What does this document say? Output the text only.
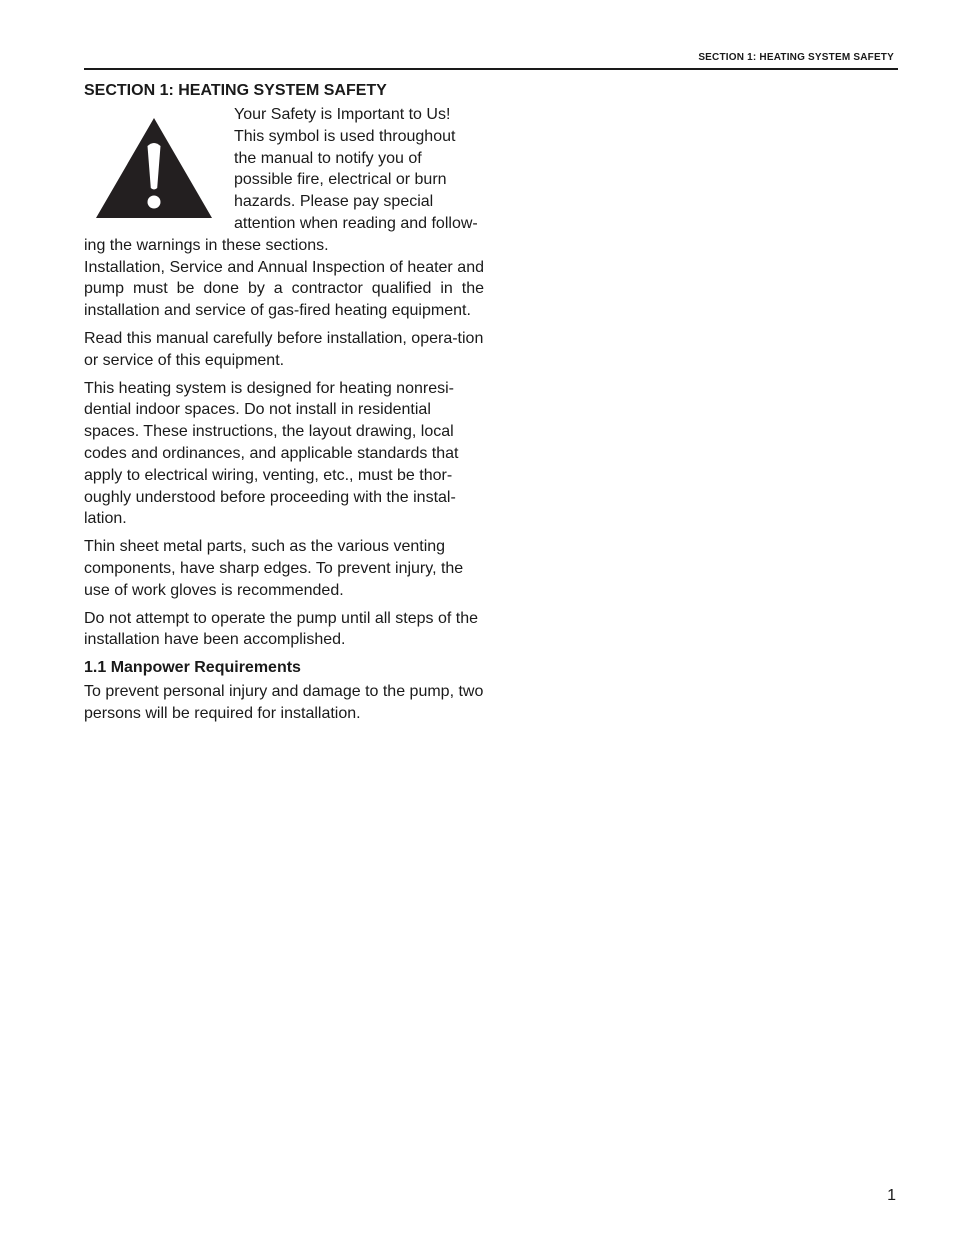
SECTION 1: HEATING SYSTEM SAFETY
SECTION 1: HEATING SYSTEM SAFETY

Your Safety is Important to Us!
This symbol is used throughout
the manual to notify you of
possible fire, electrical or burn
hazards. Please pay special
attention when reading and follow-
ing the warnings in these sections.

Installation, Service and Annual Inspection of heater and pump must be done by a contractor qualified in the installation and service of gas-fired heating equipment.

Read this manual carefully before installation, opera-tion or service of this equipment.

This heating system is designed for heating nonresi-dential indoor spaces. Do not install in residential spaces. These instructions, the layout drawing, local codes and ordinances, and applicable standards that apply to electrical wiring, venting, etc., must be thor-oughly understood before proceeding with the instal-lation.

Thin sheet metal parts, such as the various venting components, have sharp edges. To prevent injury, the use of work gloves is recommended.

Do not attempt to operate the pump until all steps of the installation have been accomplished.

1.1 Manpower Requirements

To prevent personal injury and damage to the pump, two persons will be required for installation.

1
